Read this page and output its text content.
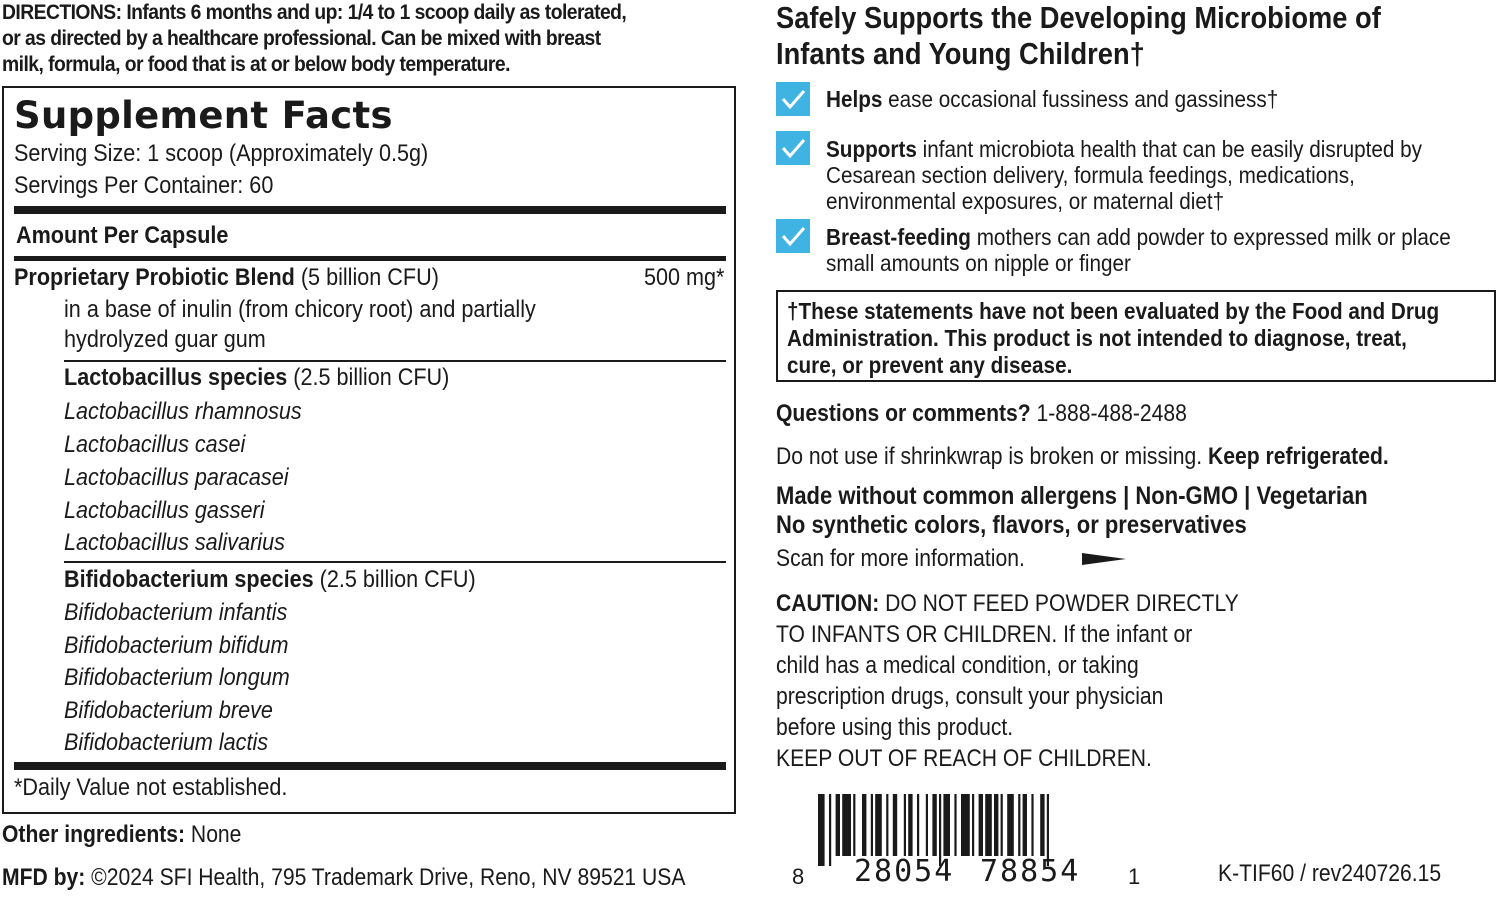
DIRECTIONS: Infants 6 months and up: 1/4 to 1 scoop daily as tolerated,
or as directed by a healthcare professional. Can be mixed with breast
milk, formula, or food that is at or below body temperature.
Supplement Facts
Serving Size: 1 scoop (Approximately 0.5g)
Servings Per Container: 60
Amount Per Capsule
Proprietary Probiotic Blend (5 billion CFU)	500 mg*
in a base of inulin (from chicory root) and partially
hydrolyzed guar gum
Lactobacillus species (2.5 billion CFU)
Lactobacillus rhamnosus
Lactobacillus casei
Lactobacillus paracasei
Lactobacillus gasseri
Lactobacillus salivarius
Bifidobacterium species (2.5 billion CFU)
Bifidobacterium infantis
Bifidobacterium bifidum
Bifidobacterium longum
Bifidobacterium breve
Bifidobacterium lactis
*Daily Value not established.
Other ingredients: None
MFD by: ©2024 SFI Health, 795 Trademark Drive, Reno, NV 89521 USA
Safely Supports the Developing Microbiome of
Infants and Young Children†
Helps ease occasional fussiness and gassiness†
Supports infant microbiota health that can be easily disrupted by
Cesarean section delivery, formula feedings, medications,
environmental exposures, or maternal diet†
Breast-feeding mothers can add powder to expressed milk or place
small amounts on nipple or finger
†These statements have not been evaluated by the Food and Drug
Administration. This product is not intended to diagnose, treat,
cure, or prevent any disease.
Questions or comments? 1-888-488-2488
Do not use if shrinkwrap is broken or missing. Keep refrigerated.
Made without common allergens | Non-GMO | Vegetarian
No synthetic colors, flavors, or preservatives
Scan for more information.
CAUTION: DO NOT FEED POWDER DIRECTLY
TO INFANTS OR CHILDREN. If the infant or
child has a medical condition, or taking
prescription drugs, consult your physician
before using this product.
KEEP OUT OF REACH OF CHILDREN.
8 28054 78854 1	K-TIF60 / rev240726.15
